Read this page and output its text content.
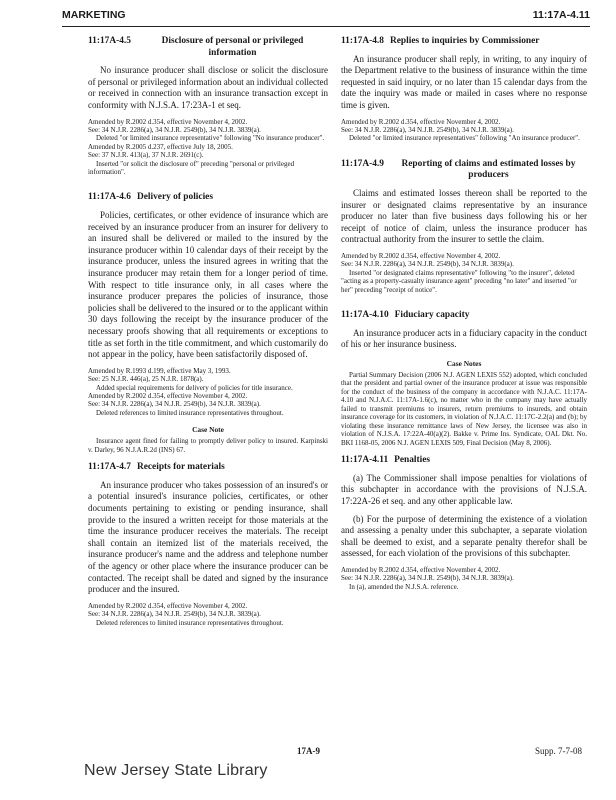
MARKETING	11:17A-4.11
11:17A-4.5	Disclosure of personal or privileged information

No insurance producer shall disclose or solicit the disclosure of personal or privileged information about an individual collected or received in connection with an insurance transaction except in conformity with N.J.S.A. 17:23A-1 et seq.

Amended by R.2002 d.354, effective November 4, 2002.

See: 34 N.J.R. 2286(a), 34 N.J.R. 2549(b), 34 N.J.R. 3839(a).

Deleted "or limited insurance representative" following "No insurance producer".

Amended by R.2005 d.237, effective July 18, 2005.

See: 37 N.J.R. 413(a), 37 N.J.R. 2691(c).

Inserted "or solicit the disclosure of" preceding "personal or privileged information".

11:17A-4.6 Delivery of policies

Policies, certificates, or other evidence of insurance which are received by an insurance producer from an insurer for delivery to an insured shall be delivered or mailed to the insured by the insurance producer within 10 calendar days of their receipt by the insurance producer, unless the insured agrees in writing that the insurance producer may retain them for a longer period of time. With respect to title insurance only, in all cases where the insurance producer prepares the policies of insurance, those policies shall be delivered to the insured or to the applicant within 30 days following the receipt by the insurance producer of the necessary proofs showing that all requirements or exceptions to title as set forth in the title commitment, and which customarily do not appear in the policy, have been satisfactorily disposed of.

Amended by R.1993 d.199, effective May 3, 1993.

See: 25 N.J.R. 446(a), 25 N.J.R. 1878(a).

Added special requirements for delivery of policies for title insurance.

Amended by R.2002 d.354, effective November 4, 2002.

See: 34 N.J.R. 2286(a), 34 N.J.R. 2549(b), 34 N.J.R. 3839(a).

Deleted references to limited insurance representatives throughout.

Case Note

Insurance agent fined for failing to promptly deliver policy to insured. Karpinski v. Darley, 96 N.J.A.R.2d (INS) 67.

11:17A-4.7 Receipts for materials

An insurance producer who takes possession of an insured's or a potential insured's insurance policies, certificates, or other documents pertaining to existing or pending insurance, shall provide to the insured a written receipt for those materials at the time the insurance producer receives the materials. The receipt shall contain an itemized list of the materials received, the insurance producer's name and the address and telephone number of the agency or other place where the insurance producer can be contacted. The receipt shall be dated and signed by the insurance producer and the insured.

Amended by R.2002 d.354, effective November 4, 2002.

See: 34 N.J.R. 2286(a), 34 N.J.R. 2549(b), 34 N.J.R. 3839(a).

Deleted references to limited insurance representatives throughout.

11:17A-4.8 Replies to inquiries by Commissioner

An insurance producer shall reply, in writing, to any inquiry of the Department relative to the business of insurance within the time requested in said inquiry, or no later than 15 calendar days from the date the inquiry was made or mailed in cases where no response time is given.

Amended by R.2002 d.354, effective November 4, 2002.

See: 34 N.J.R. 2286(a), 34 N.J.R. 2549(b), 34 N.J.R. 3839(a).

Deleted "or limited insurance representatives" following "An insurance producer".

11:17A-4.9	Reporting of claims and estimated losses by producers

Claims and estimated losses thereon shall be reported to the insurer or designated claims representative by an insurance producer no later than five business days following his or her receipt of notice of claim, unless the insurance producer has contractual authority from the insurer to settle the claim.

Amended by R.2002 d.354, effective November 4, 2002.

See: 34 N.J.R. 2286(a), 34 N.J.R. 2549(b), 34 N.J.R. 3839(a).

Inserted "or designated claims representative" following "to the insurer", deleted "acting as a property-casualty insurance agent" preceding "no later" and inserted "or her" preceding "receipt of notice".

11:17A-4.10 Fiduciary capacity

An insurance producer acts in a fiduciary capacity in the conduct of his or her insurance business.

Case Notes

Partial Summary Decision (2006 N.J. AGEN LEXIS 552) adopted, which concluded that the president and partial owner of the insurance producer at issue was responsible for the conduct of the business of the company in accordance with N.J.A.C. 11:17A-4.10 and N.J.A.C. 11:17A-1.6(c), no matter who in the company may have actually failed to transmit premiums to insurers, return premiums to insureds, and obtain insurance coverage for its customers, in violation of N.J.A.C. 11:17C-2.2(a) and (b); by violating these insurance remittance laws of New Jersey, the licensee was also in violation of N.J.S.A. 17:22A-40(a)(2). Bakke v. Prime Ins. Syndicate, OAL Dkt. No. BKI 1168-05, 2006 N.J. AGEN LEXIS 509, Final Decision (May 8, 2006).

11:17A-4.11 Penalties

(a) The Commissioner shall impose penalties for violations of this subchapter in accordance with the provisions of N.J.S.A. 17:22A-26 et seq. and any other applicable law.

(b) For the purpose of determining the existence of a violation and assessing a penalty under this subchapter, a separate violation shall be deemed to exist, and a separate penalty therefor shall be assessed, for each violation of the provisions of this subchapter.

Amended by R.2002 d.354, effective November 4, 2002.

See: 34 N.J.R. 2286(a), 34 N.J.R. 2549(b), 34 N.J.R. 3839(a).

In (a), amended the N.J.S.A. reference.

17A-9	Supp. 7-7-08
New Jersey State Library
